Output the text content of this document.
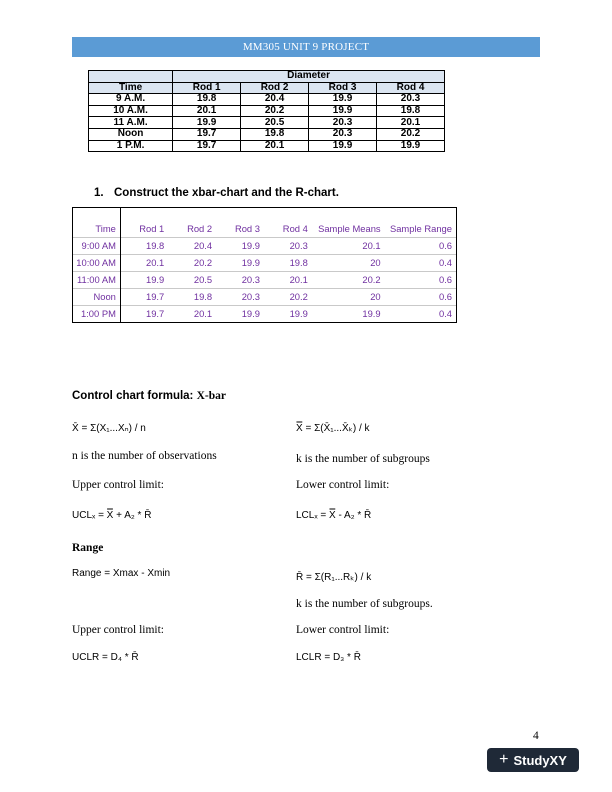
MM305 UNIT 9 PROJECT
	Diameter			
Time	Rod 1	Rod 2	Rod 3	Rod 4
9 A.M.	19.8	20.4	19.9	20.3
10 A.M.	20.1	20.2	19.9	19.8
11 A.M.	19.9	20.5	20.3	20.1
Noon	19.7	19.8	20.3	20.2
1 P.M.	19.7	20.1	19.9	19.9
1. Construct the xbar-chart and the R-chart.
Time	Rod 1	Rod 2	Rod 3	Rod 4	Sample Means	Sample Range
9:00 AM	19.8	20.4	19.9	20.3	20.1	0.6
10:00 AM	20.1	20.2	19.9	19.8	20	0.4
11:00 AM	19.9	20.5	20.3	20.1	20.2	0.6
Noon	19.7	19.8	20.3	20.2	20	0.6
1:00 PM	19.7	20.1	19.9	19.9	19.9	0.4
Control chart formula: X-bar
X̄ = Σ(X₁...Xₙ) / n
n is the number of observations
X̿ = Σ(X̄₁...X̄ₖ) / k
k is the number of subgroups
Upper control limit:	Lower control limit:
UCLₓ = X̿ + A₂ * R̄	LCLₓ = X̿ - A₂ * R̄
Range
Range = Xmax - Xmin	R̄ = Σ(R₁...Rₖ) / k
k is the number of subgroups.
Upper control limit:	Lower control limit:
UCLR = D₄ * R̄	LCLR = D₃ * R̄
4
+ StudyXY
